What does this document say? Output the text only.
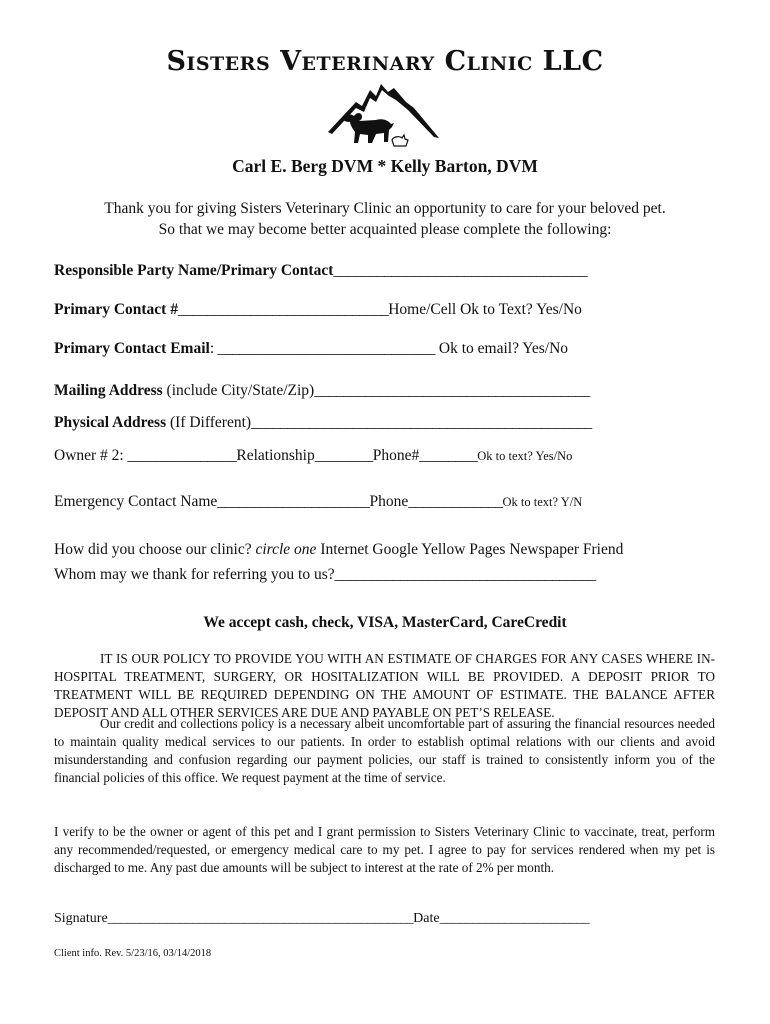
Sisters Veterinary Clinic LLC
Carl E. Berg DVM * Kelly Barton, DVM
Thank you for giving Sisters Veterinary Clinic an opportunity to care for your beloved pet.
So that we may become better acquainted please complete the following:
Responsible Party Name/Primary Contact___________________________________
Primary Contact #_____________________________Home/Cell Ok to Text? Yes/No
Primary Contact Email: ______________________________ Ok to email? Yes/No
Mailing Address (include City/State/Zip)______________________________________
Physical Address (If Different)_______________________________________________
Owner # 2: _______________Relationship________Phone#________Ok to text? Yes/No
Emergency Contact Name_____________________Phone_____________Ok to text? Y/N
How did you choose our clinic? circle one Internet Google Yellow Pages Newspaper Friend
Whom may we thank for referring you to us?____________________________________
We accept cash, check, VISA, MasterCard, CareCredit
IT IS OUR POLICY TO PROVIDE YOU WITH AN ESTIMATE OF CHARGES FOR ANY CASES WHERE IN-HOSPITAL TREATMENT, SURGERY, OR HOSITALIZATION WILL BE PROVIDED. A DEPOSIT PRIOR TO TREATMENT WILL BE REQUIRED DEPENDING ON THE AMOUNT OF ESTIMATE. THE BALANCE AFTER DEPOSIT AND ALL OTHER SERVICES ARE DUE AND PAYABLE ON PET’S RELEASE.
Our credit and collections policy is a necessary albeit uncomfortable part of assuring the financial resources needed to maintain quality medical services to our patients. In order to establish optimal relations with our clients and avoid misunderstanding and confusion regarding our payment policies, our staff is trained to consistently inform you of the financial policies of this office. We request payment at the time of service.
I verify to be the owner or agent of this pet and I grant permission to Sisters Veterinary Clinic to vaccinate, treat, perform any recommended/requested, or emergency medical care to my pet. I agree to pay for services rendered when my pet is discharged to me. Any past due amounts will be subject to interest at the rate of 2% per month.
Signature_______________________________________________Date_______________________
Client info. Rev. 5/23/16, 03/14/2018
